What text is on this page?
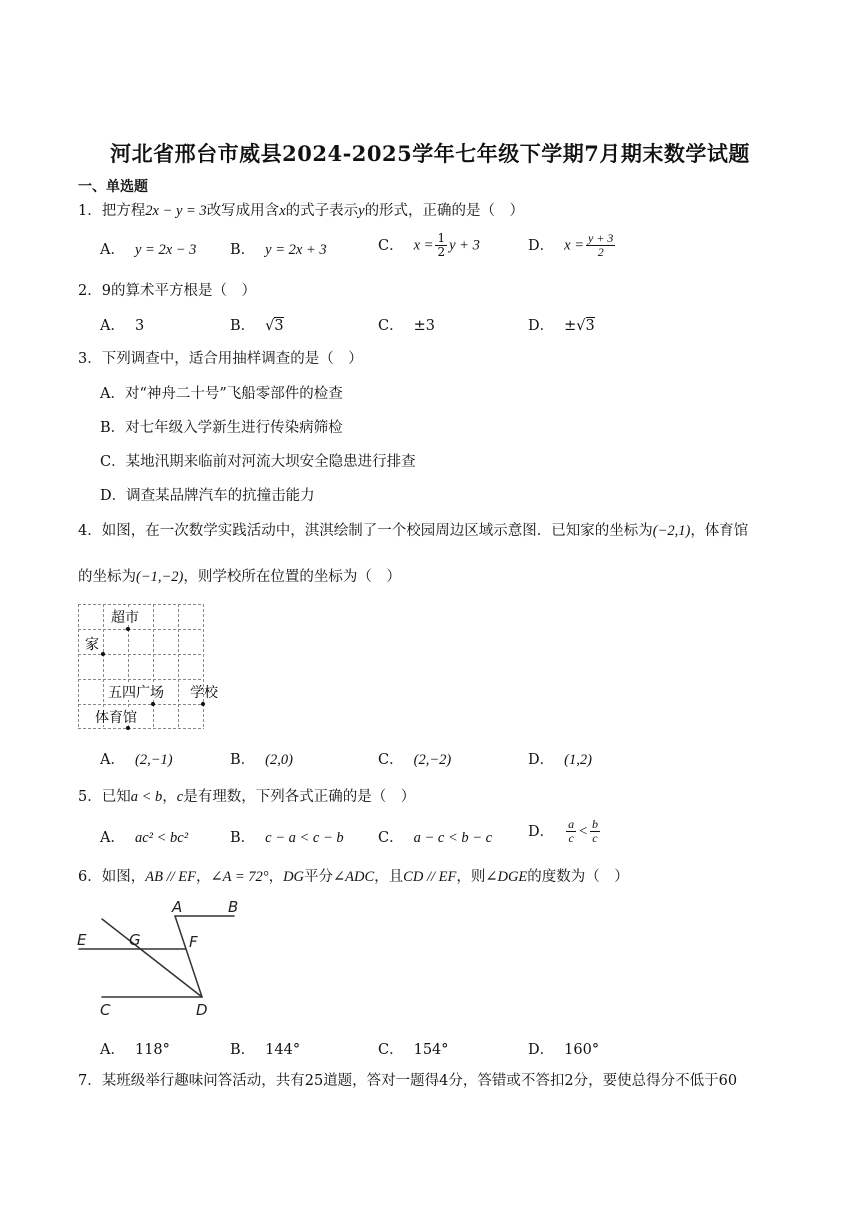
河北省邢台市威县2024-2025学年七年级下学期7月期末数学试题
一、单选题
1．把方程2x − y = 3改写成用含x的式子表示y的形式，正确的是（　）
A． y = 2x − 3 B． y = 2x + 3	C． $x = \frac{1}{2}$ y + 3	D． $x = \frac{y + 3}{2}$
2．9的算术平方根是（　）
A． 3	B． √3	C． ±3	D． ±√3
3．下列调查中，适合用抽样调查的是（　）
A．对“神舟二十号”飞船零部件的检查
B．对七年级入学新生进行传染病筛检
C．某地汛期来临前对河流大坝安全隐患进行排查
D．调查某品牌汽车的抗撞击能力
4．如图，在一次数学实践活动中，淇淇绘制了一个校园周边区域示意图．已知家的坐标为(−2,1)，体育馆
的坐标为(−1,−2)，则学校所在位置的坐标为（　）
超市
家
五四广场 学校
体育馆
A． (2,−1)	B． (2,0)	C． (2,−2)	D． (1,2)
5．已知a < b，c是有理数，下列各式正确的是（　）
A． ac² < bc²	B． c − a < c − b C． a − c < b − c D． $\frac{a}{c} < \frac{b}{c}$
6．如图，AB // EF，∠A = 72°，DG平分∠ADC，且CD // EF，则∠DGE的度数为（　）
A	B
E	G	F
C	D
A． 118°	B． 144°	C． 154°	D． 160°
7．某班级举行趣味问答活动，共有25道题，答对一题得4分，答错或不答扣2分，要使总得分不低于60
